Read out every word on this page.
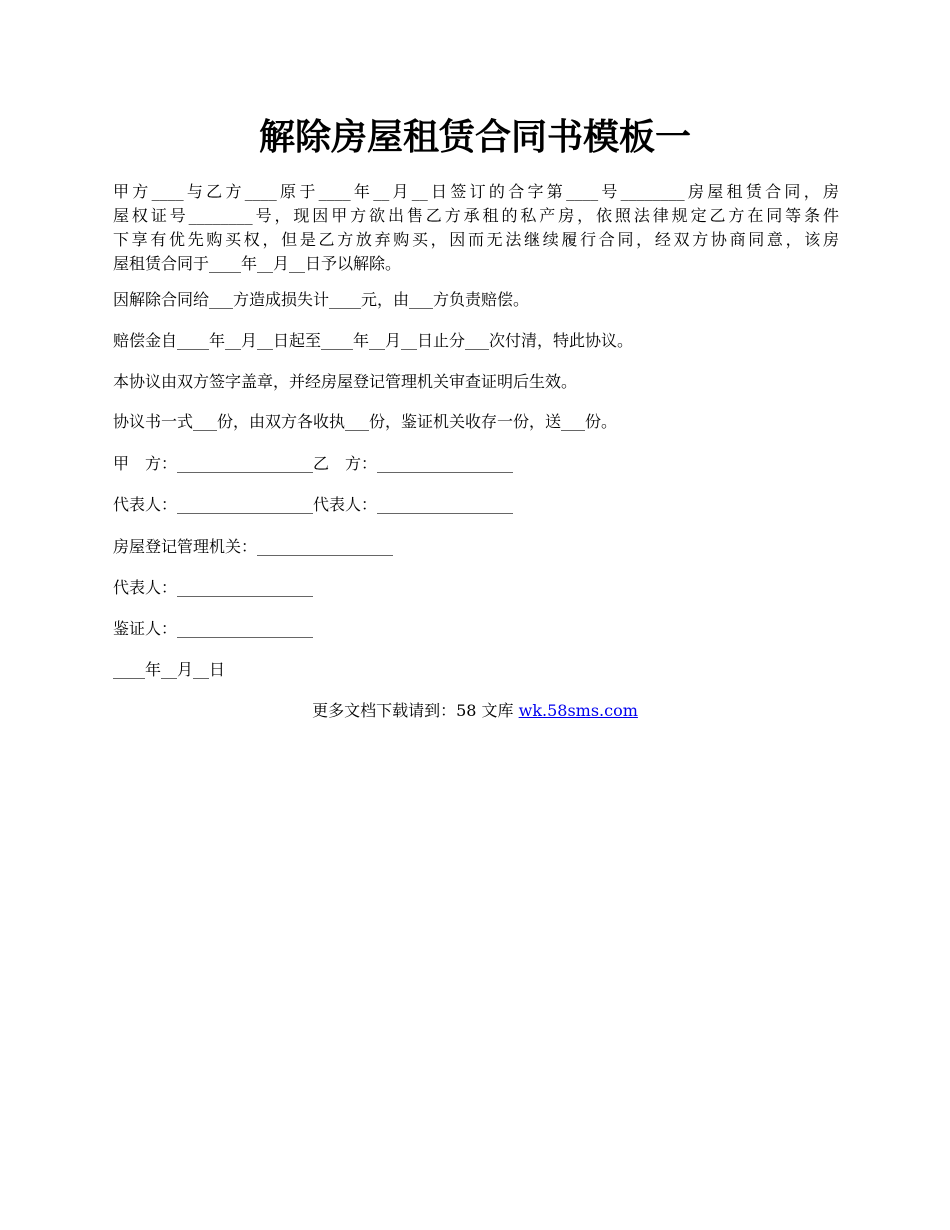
解除房屋租赁合同书模板一
甲方____与乙方____原于____年__月__日签订的合字第____号________房屋租赁合同，房
屋权证号________号，现因甲方欲出售乙方承租的私产房，依照法律规定乙方在同等条件
下享有优先购买权，但是乙方放弃购买，因而无法继续履行合同，经双方协商同意，该房
屋租赁合同于____年__月__日予以解除。
因解除合同给___方造成损失计____元，由___方负责赔偿。
赔偿金自____年__月__日起至____年__月__日止分___次付清，特此协议。
本协议由双方签字盖章，并经房屋登记管理机关审查证明后生效。
协议书一式___份，由双方各收执___份，鉴证机关收存一份，送___份。
甲　方：_________________乙　方：_________________
代表人：_________________代表人：_________________
房屋登记管理机关：_________________
代表人：_________________
鉴证人：_________________
____年__月__日
更多文档下载请到：58 文库 wk.58sms.com
